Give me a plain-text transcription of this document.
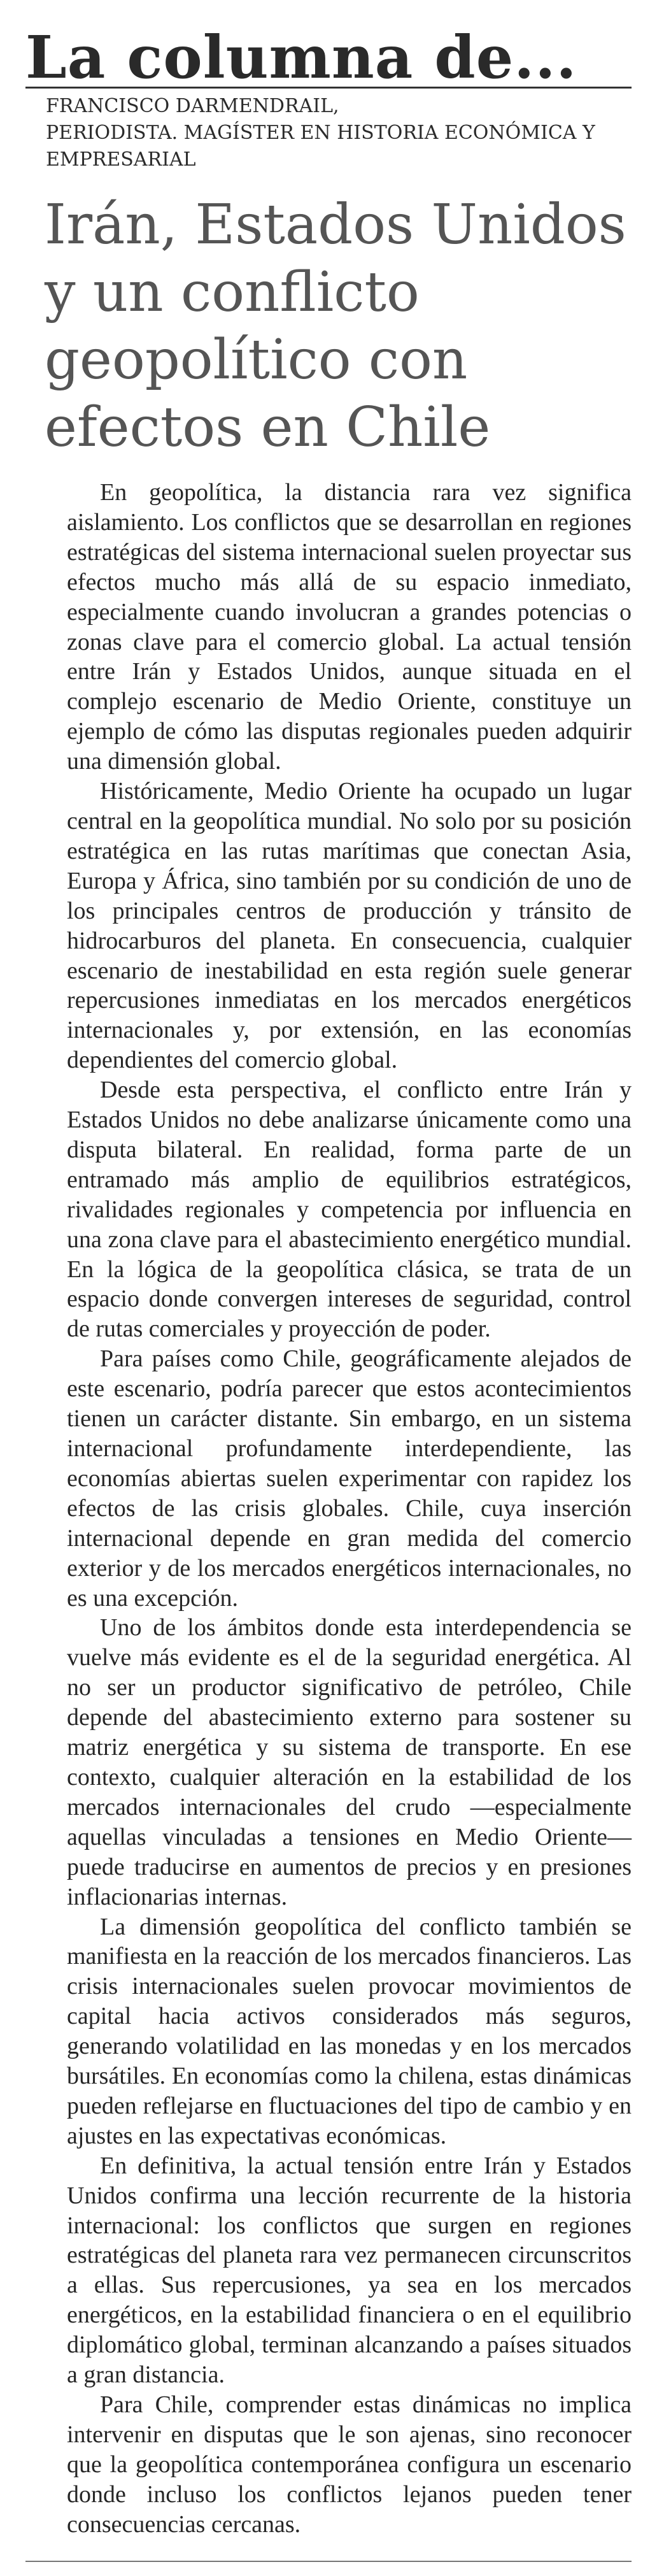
La columna de...
FRANCISCO DARMENDRAIL,
PERIODISTA. MAGÍSTER EN HISTORIA ECONÓMICA Y
EMPRESARIAL
Irán, Estados Unidos
y un conflicto
geopolítico con
efectos en Chile

En geopolítica, la distancia rara vez significa aislamiento. Los conflictos que se desarrollan en regiones estratégicas del sistema internacional suelen proyectar sus efectos mucho más allá de su espacio inmediato, especialmente cuando involucran a grandes potencias o zonas clave para el comercio global. La actual tensión entre Irán y Estados Unidos, aunque situada en el complejo escenario de Medio Oriente, constituye un ejemplo de cómo las disputas regionales pueden adquirir una dimensión global.

Históricamente, Medio Oriente ha ocupado un lugar central en la geopolítica mundial. No solo por su posición estratégica en las rutas marítimas que conectan Asia, Europa y África, sino también por su condición de uno de los principales centros de producción y tránsito de hidrocarburos del planeta. En consecuencia, cualquier escenario de inestabilidad en esta región suele generar repercusiones inmediatas en los mercados energéticos internacionales y, por extensión, en las economías dependientes del comercio global.

Desde esta perspectiva, el conflicto entre Irán y Estados Unidos no debe analizarse únicamente como una disputa bilateral. En realidad, forma parte de un entramado más amplio de equilibrios estratégicos, rivalidades regionales y competencia por influencia en una zona clave para el abastecimiento energético mundial. En la lógica de la geopolítica clásica, se trata de un espacio donde convergen intereses de seguridad, control de rutas comerciales y proyección de poder.

Para países como Chile, geográficamente alejados de este escenario, podría parecer que estos acontecimientos tienen un carácter distante. Sin embargo, en un sistema internacional profundamente interdependiente, las economías abiertas suelen experimentar con rapidez los efectos de las crisis globales. Chile, cuya inserción internacional depende en gran medida del comercio exterior y de los mercados energéticos internacionales, no es una excepción.

Uno de los ámbitos donde esta interdependencia se vuelve más evidente es el de la seguridad energética. Al no ser un productor significativo de petróleo, Chile depende del abastecimiento externo para sostener su matriz energética y su sistema de transporte. En ese contexto, cualquier alteración en la estabilidad de los mercados internacionales del crudo —especialmente aquellas vinculadas a tensiones en Medio Oriente— puede traducirse en aumentos de precios y en presiones inflacionarias internas.

La dimensión geopolítica del conflicto también se manifiesta en la reacción de los mercados financieros. Las crisis internacionales suelen provocar movimientos de capital hacia activos considerados más seguros, generando volatilidad en las monedas y en los mercados bursátiles. En economías como la chilena, estas dinámicas pueden reflejarse en fluctuaciones del tipo de cambio y en ajustes en las expectativas económicas.

En definitiva, la actual tensión entre Irán y Estados Unidos confirma una lección recurrente de la historia internacional: los conflictos que surgen en regiones estratégicas del planeta rara vez permanecen circunscritos a ellas. Sus repercusiones, ya sea en los mercados energéticos, en la estabilidad financiera o en el equilibrio diplomático global, terminan alcanzando a países situados a gran distancia.

Para Chile, comprender estas dinámicas no implica intervenir en disputas que le son ajenas, sino reconocer que la geopolítica contemporánea configura un escenario donde incluso los conflictos lejanos pueden tener consecuencias cercanas.
